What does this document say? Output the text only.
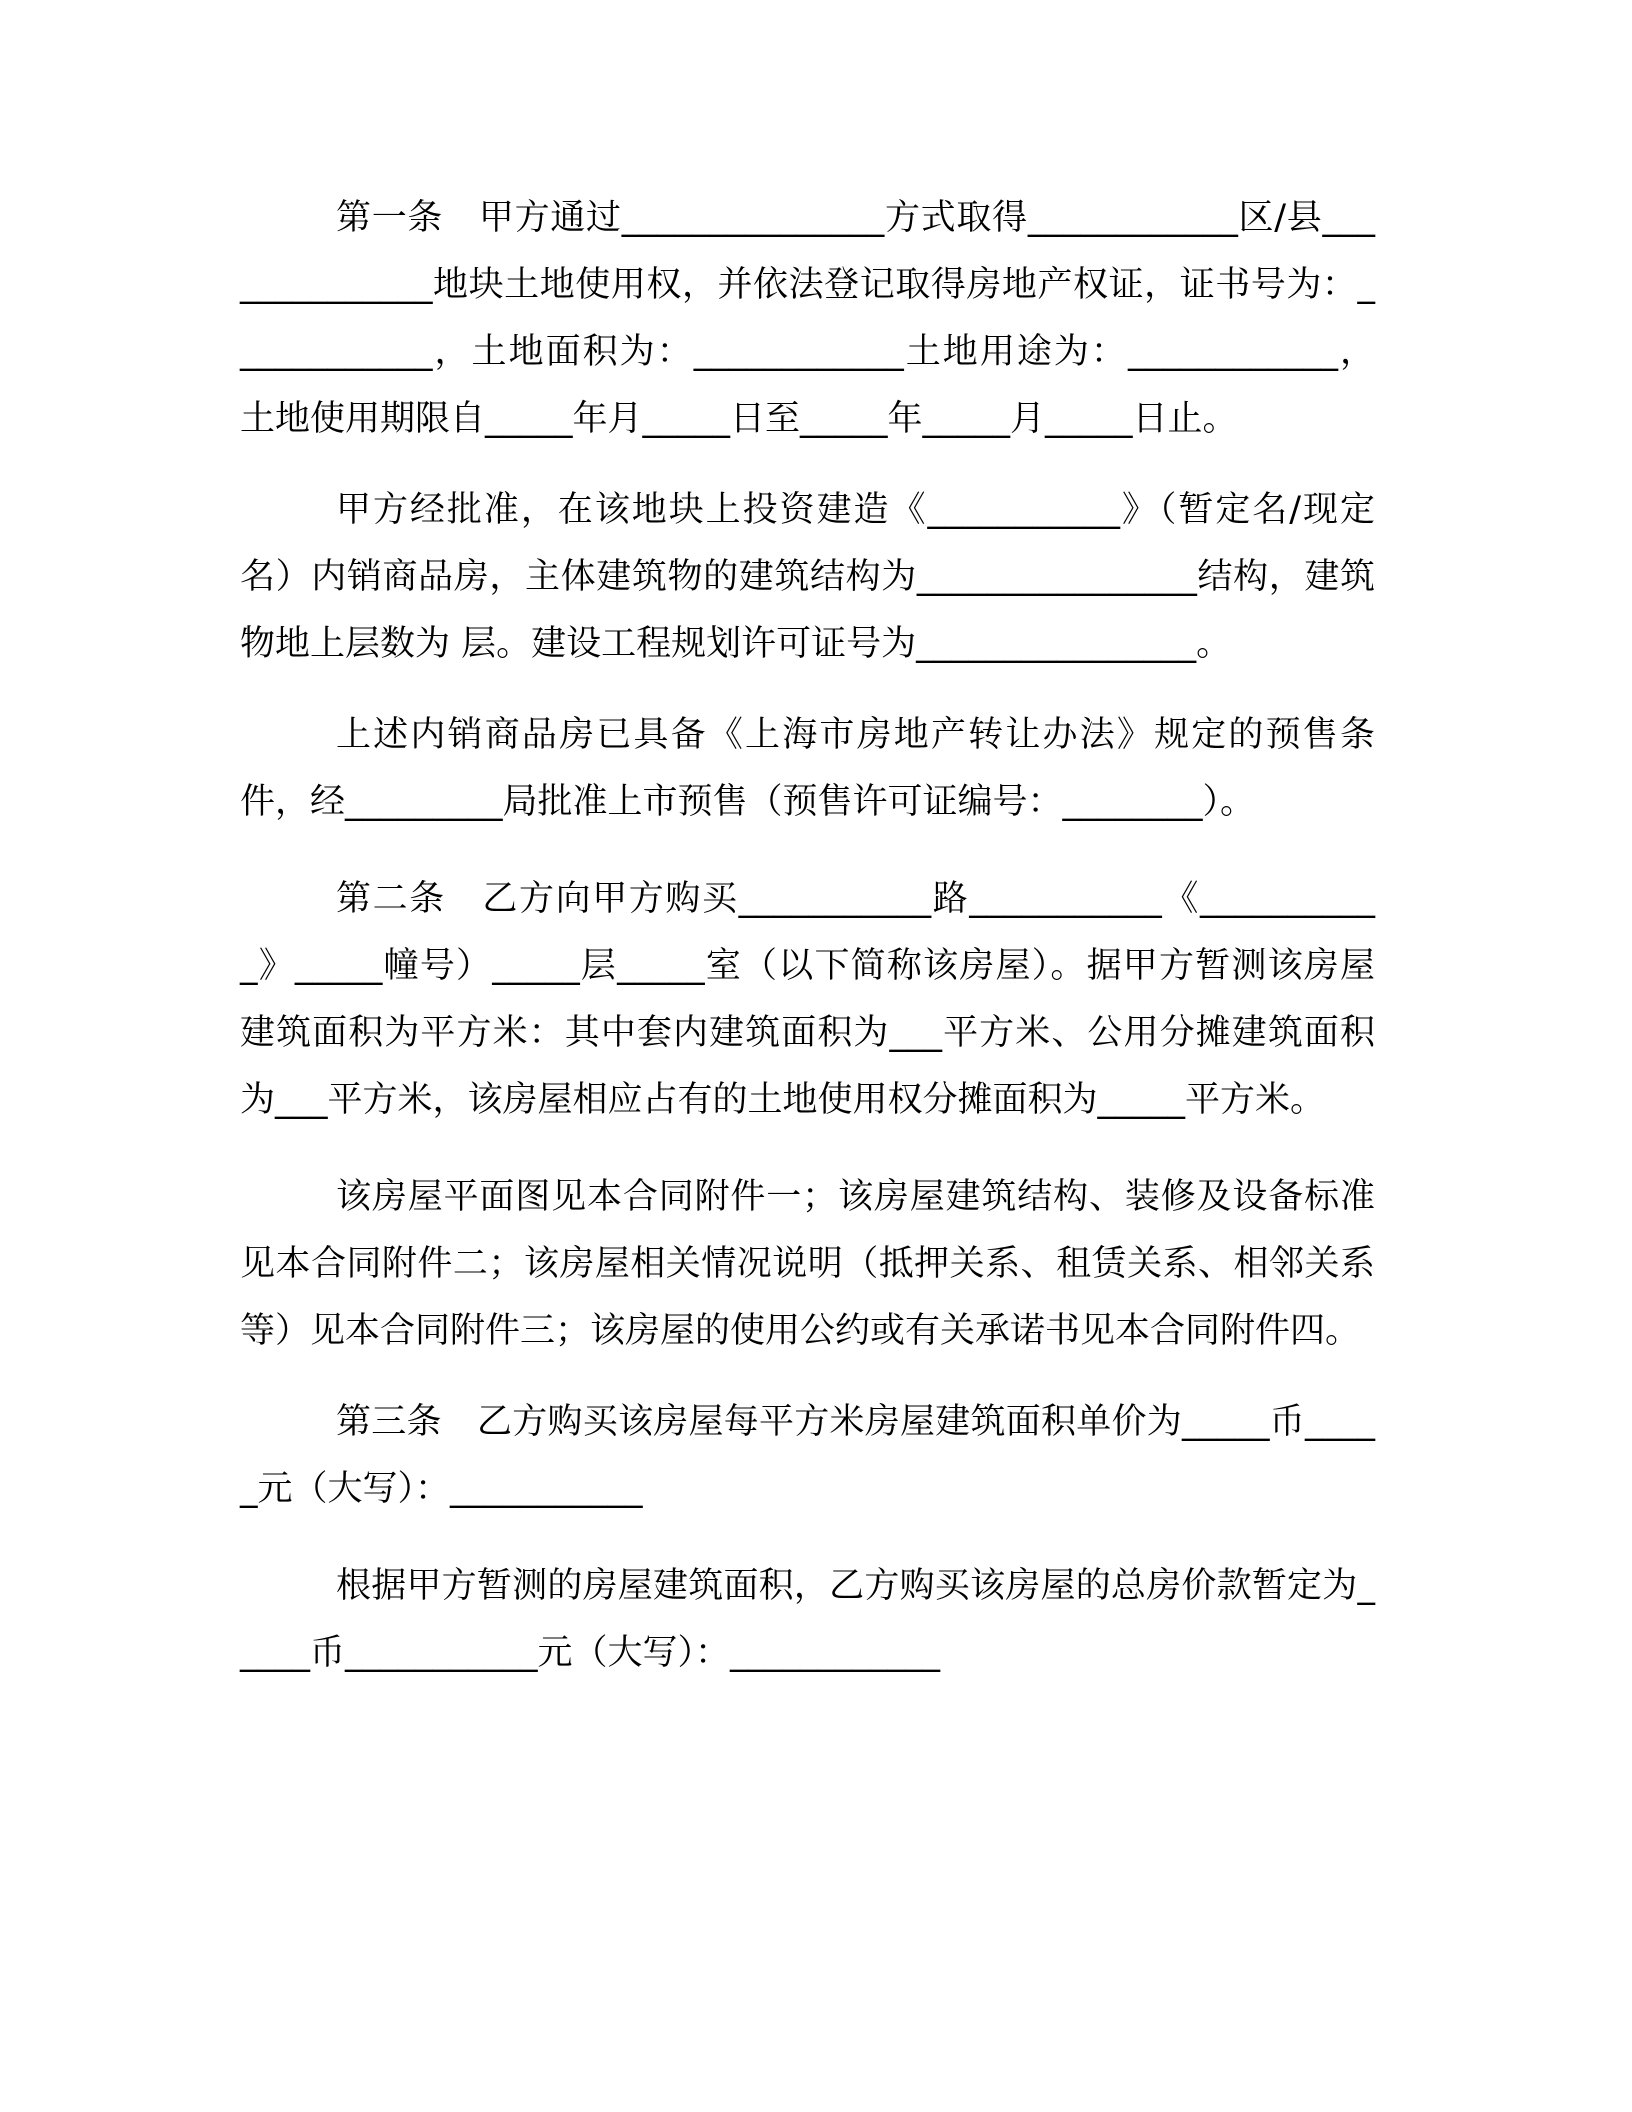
第一条　甲方通过_______________方式取得____________区/县______________地块土地使用权，并依法登记取得房地产权证，证书号为：____________，土地面积为：____________土地用途为：____________，土地使用期限自_____年月_____日至_____年_____月_____日止。

甲方经批准，在该地块上投资建造《___________》（暂定名/现定名）内销商品房，主体建筑物的建筑结构为________________结构，建筑物地上层数为 层。建设工程规划许可证号为________________。

上述内销商品房已具备《上海市房地产转让办法》规定的预售条件，经_________局批准上市预售（预售许可证编号：________）。

第二条　乙方向甲方购买___________路___________《___________》_____幢号）_____层_____室（以下简称该房屋）。据甲方暂测该房屋建筑面积为平方米：其中套内建筑面积为___平方米、公用分摊建筑面积为___平方米，该房屋相应占有的土地使用权分摊面积为_____平方米。

该房屋平面图见本合同附件一；该房屋建筑结构、装修及设备标准见本合同附件二；该房屋相关情况说明（抵押关系、租赁关系、相邻关系等）见本合同附件三；该房屋的使用公约或有关承诺书见本合同附件四。

第三条　乙方购买该房屋每平方米房屋建筑面积单价为_____币_____元（大写）：___________

根据甲方暂测的房屋建筑面积，乙方购买该房屋的总房价款暂定为_____币___________元（大写）：____________
